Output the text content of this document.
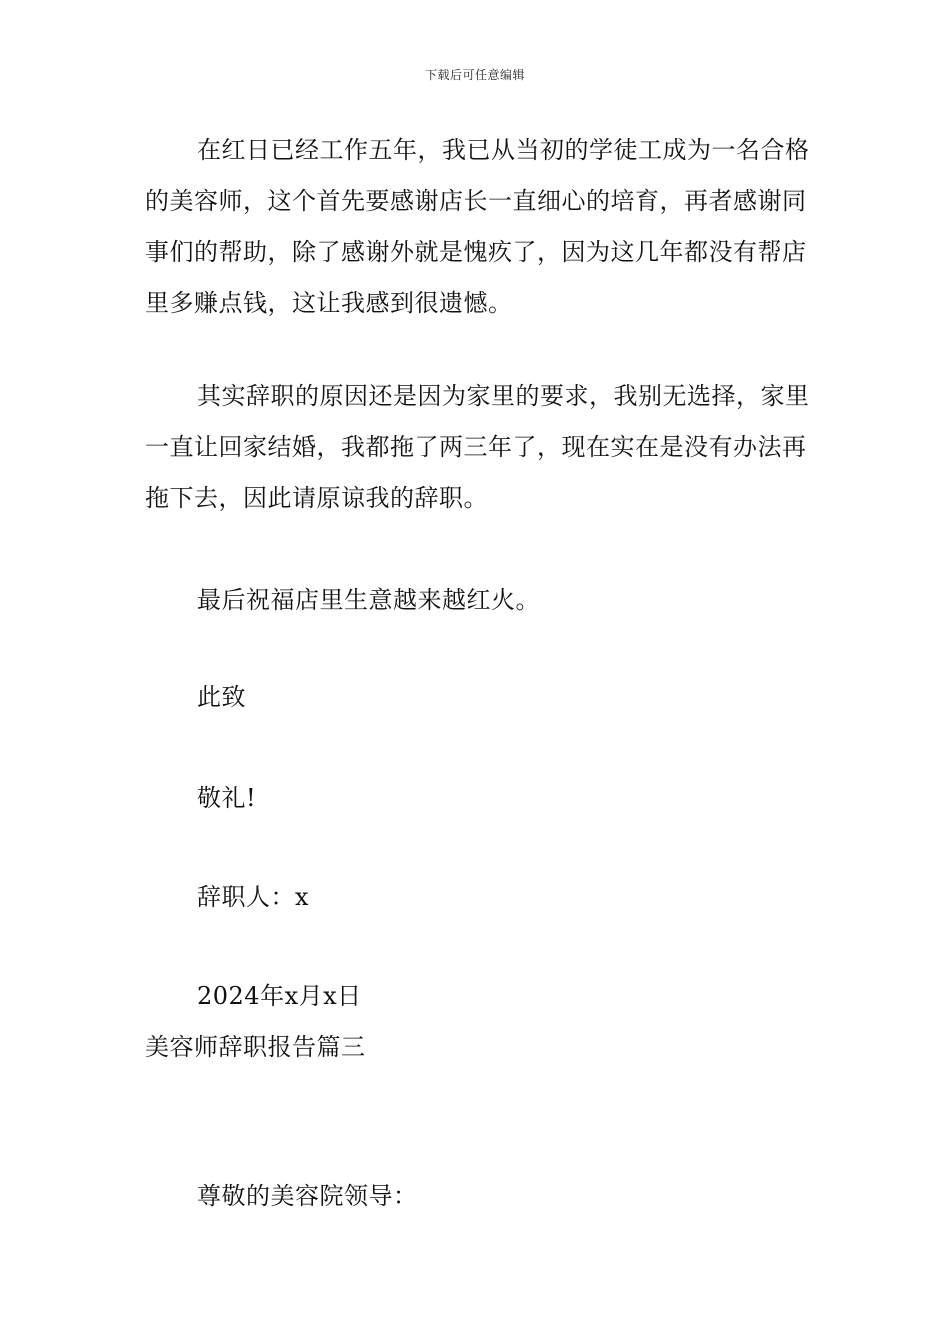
下载后可任意编辑

在红日已经工作五年，我已从当初的学徒工成为一名合格的美容师，这个首先要感谢店长一直细心的培育，再者感谢同事们的帮助，除了感谢外就是愧疚了，因为这几年都没有帮店里多赚点钱，这让我感到很遗憾。

其实辞职的原因还是因为家里的要求，我别无选择，家里一直让回家结婚，我都拖了两三年了，现在实在是没有办法再拖下去，因此请原谅我的辞职。

最后祝福店里生意越来越红火。
此致
敬礼!
辞职人：x
2024年x月x日
美容师辞职报告篇三
尊敬的美容院领导：
